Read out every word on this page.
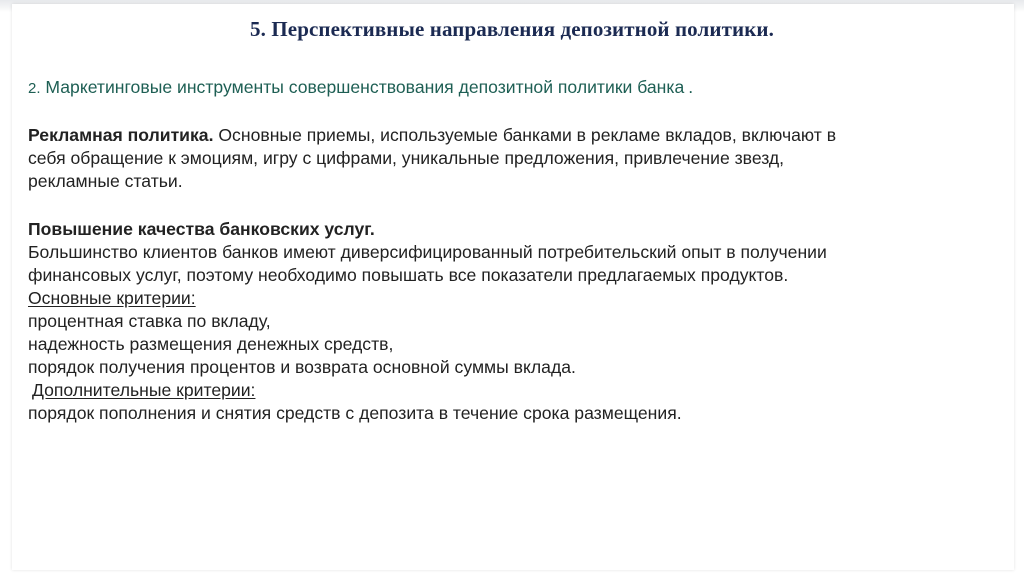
5. Перспективные направления депозитной политики.

2. Маркетинговые инструменты совершенствования депозитной политики банка .

Рекламная политика. Основные приемы, используемые банками в рекламе вкладов, включают в
себя обращение к эмоциям, игру с цифрами, уникальные предложения, привлечение звезд,
рекламные статьи.

Повышение качества банковских услуг.
Большинство клиентов банков имеют диверсифицированный потребительский опыт в получении
финансовых услуг, поэтому необходимо повышать все показатели предлагаемых продуктов.
Основные критерии:
процентная ставка по вкладу,
надежность размещения денежных средств,
порядок получения процентов и возврата основной суммы вклада.
Дополнительные критерии:
порядок пополнения и снятия средств с депозита в течение срока размещения.
